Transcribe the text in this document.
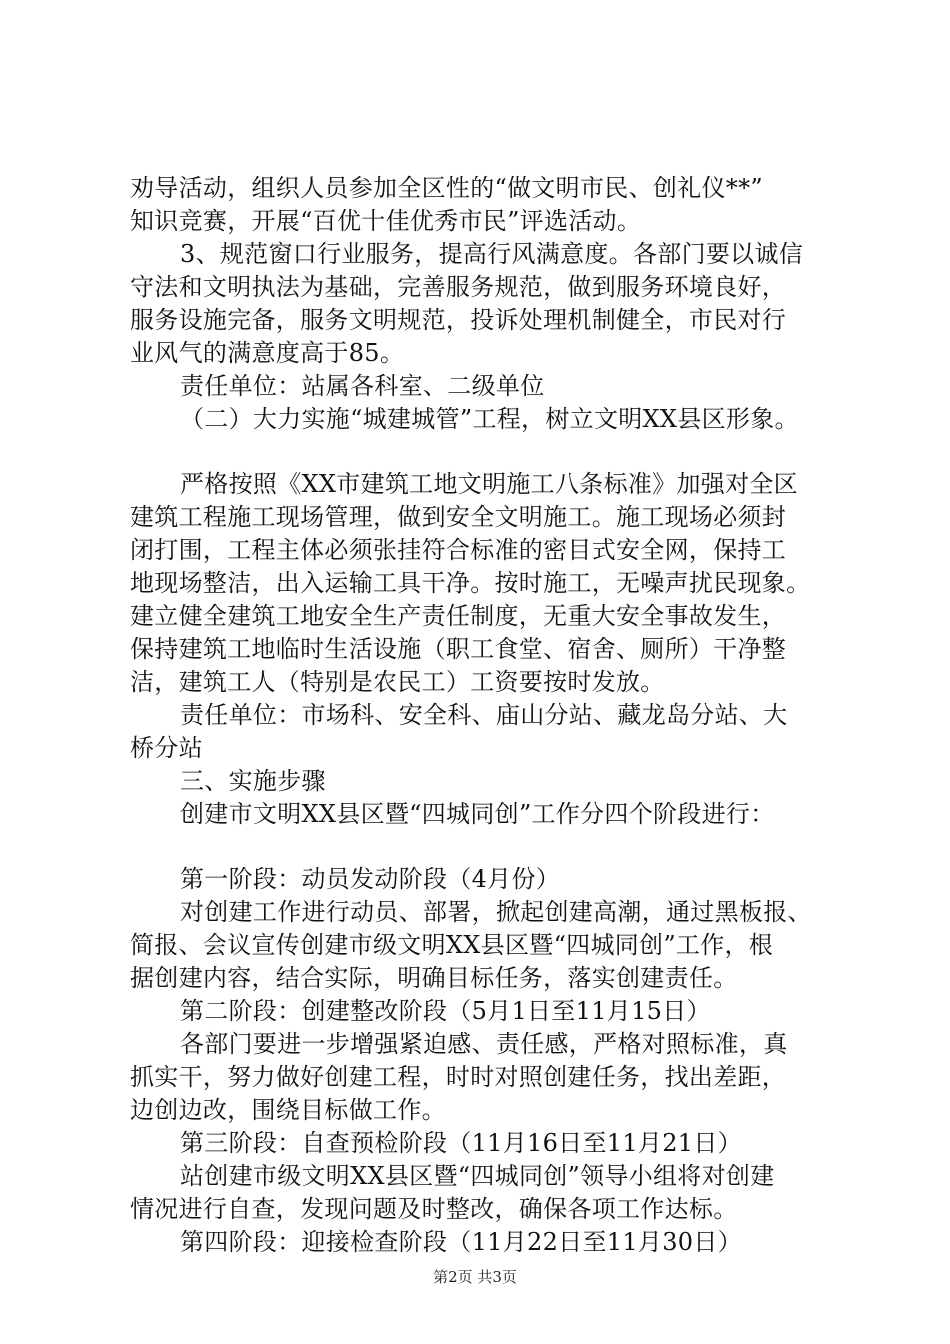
劝导活动，组织人员参加全区性的“做文明市民、创礼仪**”
知识竞赛，开展“百优十佳优秀市民”评选活动。
3、规范窗口行业服务，提高行风满意度。各部门要以诚信
守法和文明执法为基础，完善服务规范，做到服务环境良好，
服务设施完备，服务文明规范，投诉处理机制健全，市民对行
业风气的满意度高于85。
责任单位：站属各科室、二级单位
（二）大力实施“城建城管”工程，树立文明XX县区形象。
严格按照《XX市建筑工地文明施工八条标准》加强对全区
建筑工程施工现场管理，做到安全文明施工。施工现场必须封
闭打围，工程主体必须张挂符合标准的密目式安全网，保持工
地现场整洁，出入运输工具干净。按时施工，无噪声扰民现象。
建立健全建筑工地安全生产责任制度，无重大安全事故发生，
保持建筑工地临时生活设施（职工食堂、宿舍、厕所）干净整
洁，建筑工人（特别是农民工）工资要按时发放。
责任单位：市场科、安全科、庙山分站、藏龙岛分站、大
桥分站
三、实施步骤
创建市文明XX县区暨“四城同创”工作分四个阶段进行：
第一阶段：动员发动阶段（4月份）
对创建工作进行动员、部署，掀起创建高潮，通过黑板报、
简报、会议宣传创建市级文明XX县区暨“四城同创”工作，根
据创建内容，结合实际，明确目标任务，落实创建责任。
第二阶段：创建整改阶段（5月1日至11月15日）
各部门要进一步增强紧迫感、责任感，严格对照标准，真
抓实干，努力做好创建工程，时时对照创建任务，找出差距，
边创边改，围绕目标做工作。
第三阶段：自查预检阶段（11月16日至11月21日）
站创建市级文明XX县区暨“四城同创”领导小组将对创建
情况进行自查，发现问题及时整改，确保各项工作达标。
第四阶段：迎接检查阶段（11月22日至11月30日）
第2页 共3页
